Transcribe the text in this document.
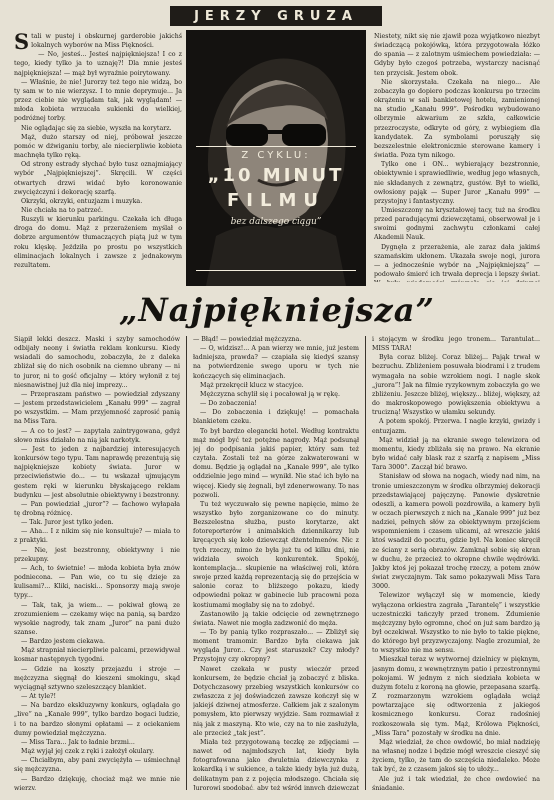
JERZY GRUZA
S tali w pustej i obskurnej garderobie jakichś lokalnych wyborów na Miss Piękności.

— No, jesteś... Jesteś najpiękniejsza! I co z tego, kiedy tylko ja to uznaję?! Dla mnie jesteś najpiękniejsza! — mąż był wyraźnie poirytowany.

— Właśnie, że nie! Jurorzy też tego nie widzą, bo ty sam w to nie wierzysz. I to mnie deprymuje... Ja przez ciebie nie wyglądam tak, jak wyglądam! — młoda kobieta wrzucała sukienki do wielkiej, podróżnej torby.

Nie oglądając się za siebie, wyszła na korytarz.

Mąż, dużo starszy od niej, próbował jeszcze pomóc w dźwiganiu torby, ale niecierpliwie kobieta machnęła tylko ręką.

Od strony estrady słychać było tusz oznajmiający wybór „Najpiękniejszej”. Skręcili. W części otwartych drzwi widać było koronowanie zwyciężczyni i dekorację szarfą.

Okrzyki, okrzyki, entuzjazm i muzyka.

Nie chciała na to patrzeć.

Ruszyli w kierunku parkingu. Czekała ich długa droga do domu. Mąż z przerażeniem myślał o dobrze argumentów tłumaczących piątą już w tym roku klęskę. Jeździła po prostu po wszystkich eliminacjach lokalnych i zawsze z jednakowym rezultatem.

Z CYKLU:
„10 MINUT
FILMU
bez dalszego ciągu”

Niestety, nikt się nie zjawił poza wyjątkowo niezbyt świadczącą pokojówką, która przygotowała łóżko do spania — z zalotnym uśmiechem powiedziała: — Gdyby było czegoś potrzeba, wystarczy nacisnąć ten przycisk. Jestem obok.

Nie skorzystała. Czekała na niego... Ale zobaczyła go dopiero podczas konkursu po trzecim okrążeniu w sali bankietowej hotelu, zamienionej na studio „Kanału 999”. Pośrodku wybudowano olbrzymie akwarium ze szkła, całkowicie przezroczyste, odkryte od góry, z wybiegiem dla kandydatek. Za symbolami porusząły się bezszelestnie elektronicznie sterowane kamery i światła. Poza tym nikogo.

Tylko one i ON... wybierający bezstronnie, obiektywnie i sprawiedliwie, według jego własnych, nie składanych z zewnątrz, gustów. Był to wielki, owłosiony pająk — Super Juror „Kanału 999” — przystojny i fantastyczny.

Umieszczony na kryształowej tacy, tuż na środku przed paradującymi dziewczętami, obserwował je i swoimi godnymi zachwytu członkami całej Akademii Nauk.

Dygnęła z przerażenia, ale zaraz dała jakimś szamańskim ukłonem. Ukazała swoje nogi, jurora — a jednocześnie wybór na „Najpiękniejszą” — podowało śmierć ich trwała deprecja i lepszy świat.

„Najpiękniejsza”

Siąpił lekki deszcz. Maski i szyby samochodów odbijały neony i światła reklam konkursu. Kiedy wsiadali do samochodu, zobaczyła, że z daleka zbliżał się do nich osobnik na ciemno ubrany — ni to juror, ni to gość oficjalny — który wyłonił z tej niesnawistnej już dla niej imprezy...

— Przepraszam państwo — powiedział zdyszany — jestem przedstawicielem „Kanału 999” — zagrał po wszystkim. — Mam przyjemność zaprosić panią na Miss Tara.

— A co to jest? — zapytała zaintrygowana, gdyż słowo miss działało na nią jak narkotyk.

— Jest to jeden z najbardziej interesujących konkursów tego typu. Tam naprawdę prezentują się najpiękniejsze kobiety świata. Juror w przeciwieństwie do... — tu wskazał ujmującym gestem ręki w kierunku błyskającego reklam budynku — jest absolutnie obiektywny i bezstronny.

— Pan powiedział „juror”? — fachowo wyłapała tę drobną różnicę.

— Tak. Juror jest tylko jeden.

— Aha... I z nikim się nie konsultuje? — miała to z praktyki.

— Nie, jest bezstronny, obiektywny i nie przekupny.

— Ach, to świetnie! — młoda kobieta była znów podniecona. — Pan wie, co tu się dzieje za kulisami?... Kliki, naciski... Sponsorzy mają swoje typy...

— Tak, tak, ja wiem... — pokiwał głową ze zrozumieniem — czekamy więc na panią, są bardzo wysokie nagrody, tak znam „Juror” na pani dużo szanse.

— Bardzo jestem ciekawa.

Mąż strapniał niecierpliwie palcami, przewidywał kosmar następnych tygodni.

— Gdzie na koszty przejazdu i stroje — mężczyzna sięgnął do kieszeni smokingu, skąd wyciągnął sztywno szeleszczący blankiet.

— At tyle?!

— Na bardzo ekskluzywny konkurs, oglądała go „live” na „Kanale 999”, tylko bardzo bogaci ludzie, i to na bardzo słonymi opłatami — z ociekaniem dumy powiedział mężczyzna.

— Miss Tara... Jak to ładnie brzmi...

Mąż wyjął jej czek z ręki i założył okulary.

— Chciałbym, aby pani zwyciężyła — uśmiechnął się mężczyzna.

— Bardzo dziękuję, chociaż mąż we mnie nie wierzy.

— Błąd! — powiedział mężczyzna.

— O, widzisz!... A pan wierzy we mnie, już jestem ładniejsza, prawda? — czapiała się kiedyś szansy na potwierdzenie swego uporu w tych nie kończących się eliminacjach.

Mąż przekręcił klucz w stacyjce.

Mężczyzna schylił się i pocałował ją w rękę.

— Do zobaczenia!

— Do zobaczenia i dziękuję! — pomachała blankietem czeku.

To był bardzo elegancki hotel. Według kontraktu mąż mógł być też potężne nagrody. Mąż podsunął jej do podpisania jakiś papier, który sam też czytała. Zostali też na górze zakwaterowani w domu. Będzie ją oglądał na „Kanale 999”, ale tylko oddzielnie jego mind — wynikł. Nie stać ich było na więcej. Kiedy się żegnali, był zdenerwowany. To nas pozwoli.

Tu też wyczuwało się pewne napięcie, mimo że wszystko było zorganizowane co do minuty. Bezszelestna służba, pusto korytarze, akt fotoreporterów i animalskich dziennikarzy lub kręcących się koło dziewcząt dżentelmenów. Nic z tych rzeczy, mimo że była już tu od kilku dni, nie widziała swoich konkurentek. Spokój, kontemplacja... skupienie na właściwej roli, która swoje przed każdą reprezentacją się do przejścia w salonie coraz to bliższego pokazu, kiedy odpowiedni pokaz w gabinecie lub pracowni poza kostiumami mogłaby się na to zdobyć.

Zastanowiło ją takie odcięcie od zewnętrznego świata. Nawet nie mogła zadzwonić do męża.

— To by panią tylko rozpraszało... — Zbliżył się moment tramomir. Bardzo była ciekawa jak wygląda Juror... Czy jest staruszek? Czy młody? Przystojny czy okropny?

Nawet czekała w pusty wieczór przed konkursem, że będzie chciał ją zobaczyć z bliska. Dotychczasowy przebieg wszystkich konkursów co zwłaszcza z jej doświadczeń zawsze kończył się w jakiejś dziwnej atmosferze. Całkiem jak z szalonym pomysłem, kto pierwszy wyjdzie. Sam rozmawiał z nią jak z maszyną. Kto wie, czy na to nie zasłużyła, ale przecież „tak jest”.

Miała też przygotowaną teczkę ze zdjęciami — nawet od najmłodszych lat, kiedy była fotografowana jako dwuletnia dziewczynka z kokardką i w sukience, a także kiedy była już dużą, delikatnym pan z z pojęcia młodszego. Chciała się Jurorowi spodobać, aby też wśród innych dziewcząt

i stojącym w środku jego tronem... Tarantulat... MISS TARA!

Była coraz bliżej. Coraz bliżej... Pająk trwał w bezruchu. Zbliżeniem posuwała biodrami i z trudem wymagała na sobie wzrokiem nogi. I nagle skok „jurora”! Jak na filmie ryzykownym zobaczyła go we zbliżeniu. Jeszcze bliżej, większy... bliżej, większy, aż do makroskopowego powiększenia obiektywu a trucizną! Wszystko w ułamku sekundy.

A potem spokój. Przerwa. I nagle krzyki, gwizdy i entuzjazm.

Mąż widział ją na ekranie swego telewizora od momentu, kiedy zbliżała się na prawo. Na ekranie było widać cały blask raz z szarfą z napisem „Miss Tara 3000”. Zaczął bić brawo.

Stanisław od słowa na nogach, wiedy nad nim, na tronie umieszczonym w środku olbrzymiej dekoracji przedstawiającej pajęczynę. Panowie dyskretnie odeszli, a kamera powoli pozdrowiła, a kamery byli w oczach pierwszych z nich na „Kanale 999” już bez nadziei, pełnych słów za obiektywnym przejściem wspomnieniem i czasem ulicami, aż wreszcie jakiś ktoś wsadził do pocztu, gdzie był. Na koniec skręcił ze ściany z serią obrazów. Zamknął sobie się ekran w duchu, że przecież to okropne chwile wędrówki. Jakby ktoś jej pokazał trochę rzeczy, a potem znów świat zwyczajnym. Tak samo pokazywali Miss Tara 3000.

Telewizor wyłączył się w momencie, kiedy wyłączona orkiestra zagrała „Tarantelę” i wszystkie uczestniczki tańczyły przed tronem. Zdumienie mężczyzny było ogromne, choć on już sam bardzo ją był oczekiwał. Wszystko to nie było to takie piękne, do którego był przyzwyczajony. Nagle zrozumiał, że to wszystko nie ma sensu.

Mieszkał teraz w wytwornej dzielnicy w pięknym, jasnym domu, z wewnętrznym patio i przestronnymi pokojami. W jednym z nich siedziała kobieta w dużym fotelu z koroną na głowie, przepasana szarfą. Z rozmarzonym wzrokiem oglądała wciąż powtarzające się odtworzenia z jakiegoś kosmicznego konkursu. Coraz radośniej rozkoszowała się tym. Mąż, Królowa Piękności, „Miss Tara” pozostały w środku na dnie.

Mąż wiedział, że chce owdowić, bo miał nadzieję na własnej nodze i będzie mógł wreszcie cieszyć się życiem, tylko, że tam do szczęścia niedaleko. Może tak być, że z czasem jakoś się to ułoży...

Ale już i tak wiedział, że chce owdowieć na śniadanie.
